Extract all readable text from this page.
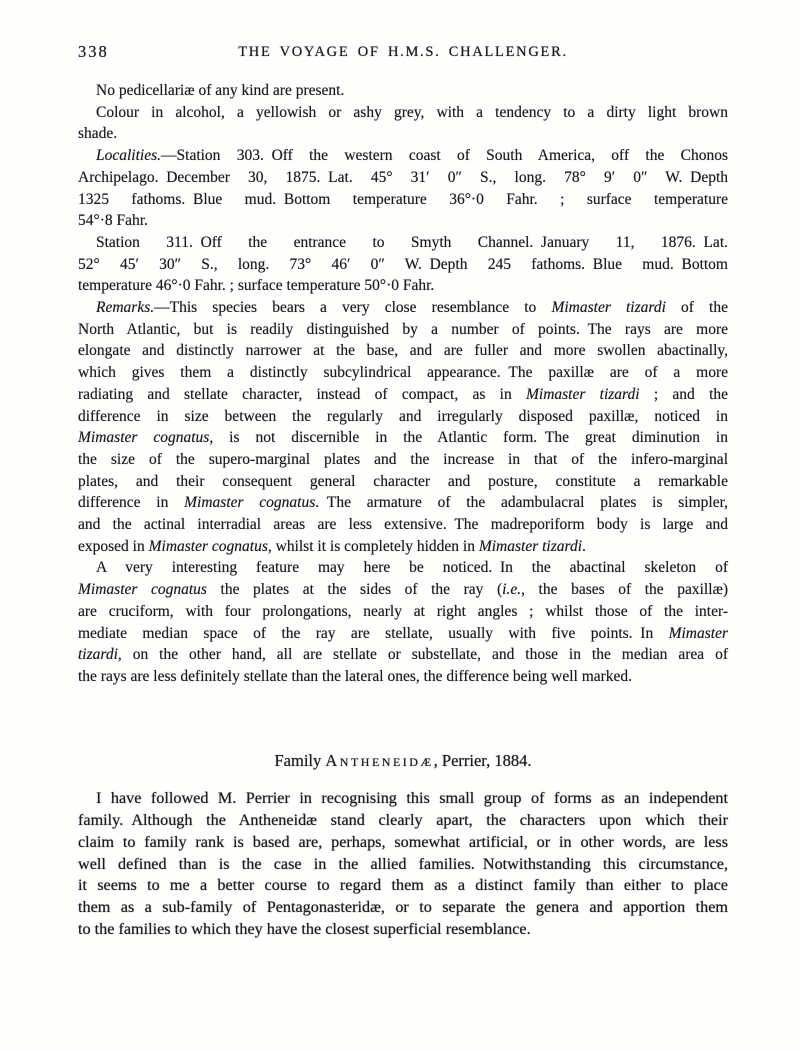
338	THE VOYAGE OF H.M.S. CHALLENGER.
No pedicellariæ of any kind are present.
Colour in alcohol, a yellowish or ashy grey, with a tendency to a dirty light brown
shade.
Localities.—Station 303. Off the western coast of South America, off the Chonos
Archipelago. December 30, 1875. Lat. 45° 31′ 0″ S., long. 78° 9′ 0″ W. Depth
1325 fathoms. Blue mud. Bottom temperature 36°·0 Fahr. ; surface temperature
54°·8 Fahr.
Station 311. Off the entrance to Smyth Channel. January 11, 1876. Lat.
52° 45′ 30″ S., long. 73° 46′ 0″ W. Depth 245 fathoms. Blue mud. Bottom
temperature 46°·0 Fahr. ; surface temperature 50°·0 Fahr.
Remarks.—This species bears a very close resemblance to Mimaster tizardi of the
North Atlantic, but is readily distinguished by a number of points. The rays are more
elongate and distinctly narrower at the base, and are fuller and more swollen abactinally,
which gives them a distinctly subcylindrical appearance. The paxillæ are of a more
radiating and stellate character, instead of compact, as in Mimaster tizardi ; and the
difference in size between the regularly and irregularly disposed paxillæ, noticed in
Mimaster cognatus, is not discernible in the Atlantic form. The great diminution in
the size of the supero-marginal plates and the increase in that of the infero-marginal
plates, and their consequent general character and posture, constitute a remarkable
difference in Mimaster cognatus. The armature of the adambulacral plates is simpler,
and the actinal interradial areas are less extensive. The madreporiform body is large and
exposed in Mimaster cognatus, whilst it is completely hidden in Mimaster tizardi.
A very interesting feature may here be noticed. In the abactinal skeleton of
Mimaster cognatus the plates at the sides of the ray (i.e., the bases of the paxillæ)
are cruciform, with four prolongations, nearly at right angles ; whilst those of the inter-
mediate median space of the ray are stellate, usually with five points. In Mimaster
tizardi, on the other hand, all are stellate or substellate, and those in the median area of
the rays are less definitely stellate than the lateral ones, the difference being well marked.
Family Antheneidæ, Perrier, 1884.
I have followed M. Perrier in recognising this small group of forms as an independent
family. Although the Antheneidæ stand clearly apart, the characters upon which their
claim to family rank is based are, perhaps, somewhat artificial, or in other words, are less
well defined than is the case in the allied families. Notwithstanding this circumstance,
it seems to me a better course to regard them as a distinct family than either to place
them as a sub-family of Pentagonasteridæ, or to separate the genera and apportion them
to the families to which they have the closest superficial resemblance.
